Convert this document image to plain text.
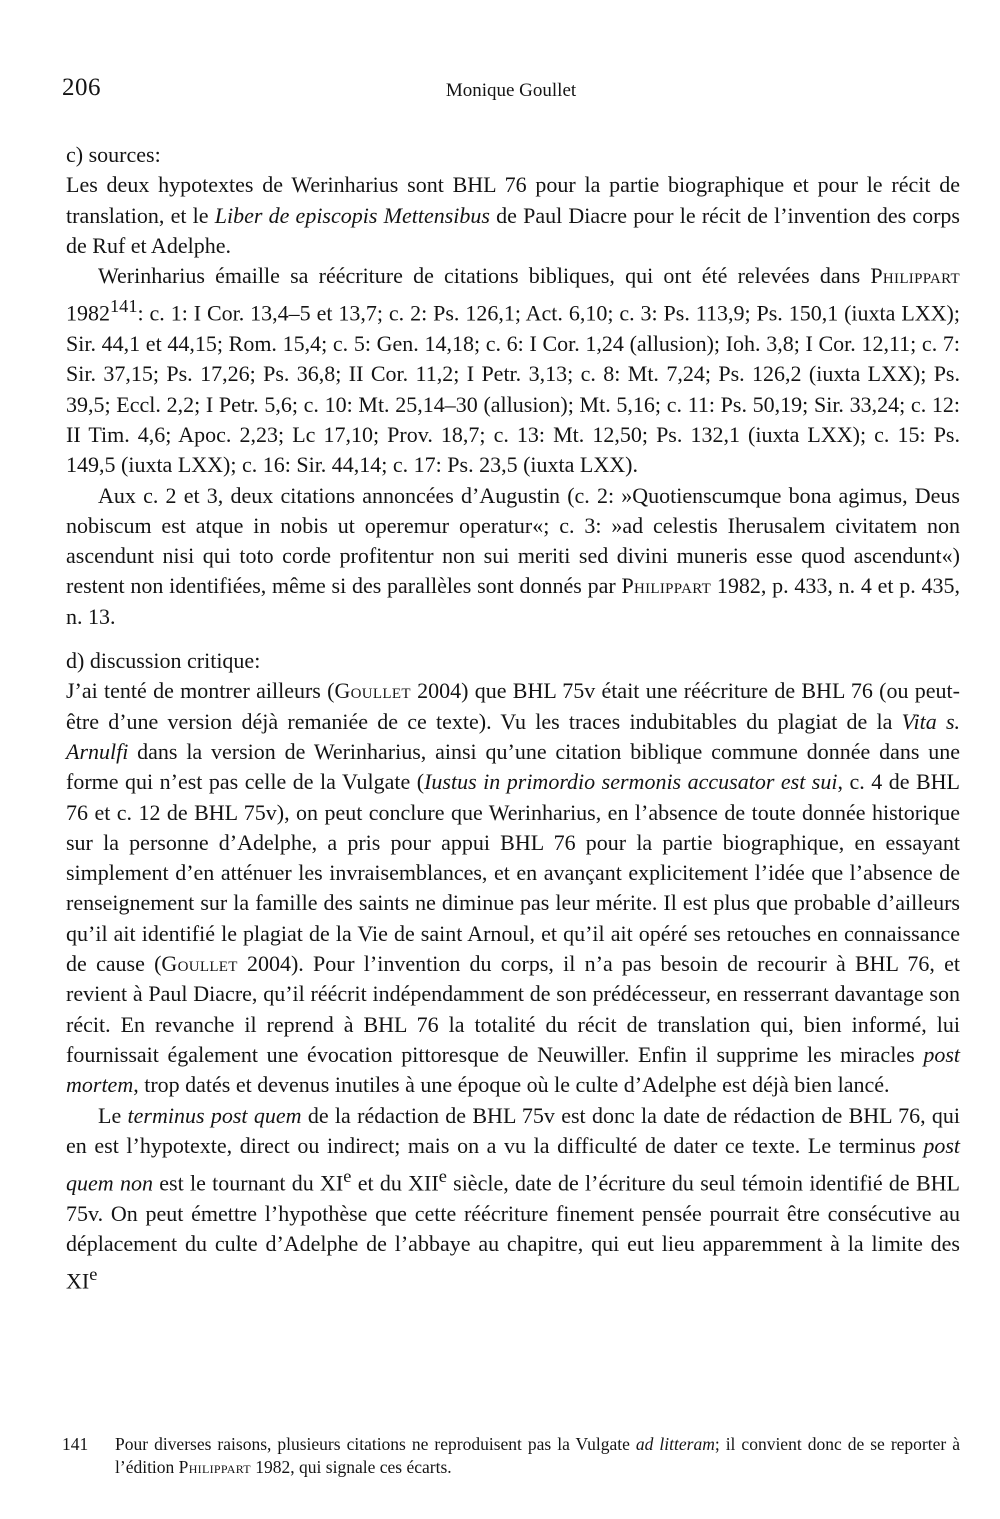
206	Monique Goullet

c) sources:

Les deux hypotextes de Werinharius sont BHL 76 pour la partie biographique et pour le récit de translation, et le Liber de episcopis Mettensibus de Paul Diacre pour le récit de l’invention des corps de Ruf et Adelphe.

Werinharius émaille sa réécriture de citations bibliques, qui ont été relevées dans Philippart 1982$^{141}$: c. 1: I Cor. 13,4–5 et 13,7; c. 2: Ps. 126,1; Act. 6,10; c. 3: Ps. 113,9; Ps. 150,1 (iuxta LXX); Sir. 44,1 et 44,15; Rom. 15,4; c. 5: Gen. 14,18; c. 6: I Cor. 1,24 (allusion); Ioh. 3,8; I Cor. 12,11; c. 7: Sir. 37,15; Ps. 17,26; Ps. 36,8; II Cor. 11,2; I Petr. 3,13; c. 8: Mt. 7,24; Ps. 126,2 (iuxta LXX); Ps. 39,5; Eccl. 2,2; I Petr. 5,6; c. 10: Mt. 25,14–30 (allusion); Mt. 5,16; c. 11: Ps. 50,19; Sir. 33,24; c. 12: II Tim. 4,6; Apoc. 2,23; Lc 17,10; Prov. 18,7; c. 13: Mt. 12,50; Ps. 132,1 (iuxta LXX); c. 15: Ps. 149,5 (iuxta LXX); c. 16: Sir. 44,14; c. 17: Ps. 23,5 (iuxta LXX).

Aux c. 2 et 3, deux citations annoncées d’Augustin (c. 2: »Quotienscumque bona agimus, Deus nobiscum est atque in nobis ut operemur operatur«; c. 3: »ad celestis Iherusalem civitatem non ascendunt nisi qui toto corde profitentur non sui meriti sed divini muneris esse quod ascendunt«) restent non identifiées, même si des parallèles sont donnés par Philippart 1982, p. 433, n. 4 et p. 435, n. 13.

d) discussion critique:

J’ai tenté de montrer ailleurs (Goullet 2004) que BHL 75v était une réécriture de BHL 76 (ou peut-être d’une version déjà remaniée de ce texte). Vu les traces indubitables du plagiat de la Vita s. Arnulfi dans la version de Werinharius, ainsi qu’une citation biblique commune donnée dans une forme qui n’est pas celle de la Vulgate (Iustus in primordio sermonis accusator est sui, c. 4 de BHL 76 et c. 12 de BHL 75v), on peut conclure que Werinharius, en l’absence de toute donnée historique sur la personne d’Adelphe, a pris pour appui BHL 76 pour la partie biographique, en essayant simplement d’en atténuer les invraisemblances, et en avançant explicitement l’idée que l’absence de renseignement sur la famille des saints ne diminue pas leur mérite. Il est plus que probable d’ailleurs qu’il ait identifié le plagiat de la Vie de saint Arnoul, et qu’il ait opéré ses retouches en connaissance de cause (Goullet 2004). Pour l’invention du corps, il n’a pas besoin de recourir à BHL 76, et revient à Paul Diacre, qu’il réécrit indépendamment de son prédécesseur, en resserrant davantage son récit. En revanche il reprend à BHL 76 la totalité du récit de translation qui, bien informé, lui fournissait également une évocation pittoresque de Neuwiller. Enfin il supprime les miracles post mortem, trop datés et devenus inutiles à une époque où le culte d’Adelphe est déjà bien lancé.

Le terminus post quem de la rédaction de BHL 75v est donc la date de rédaction de BHL 76, qui en est l’hypotexte, direct ou indirect; mais on a vu la difficulté de dater ce texte. Le terminus post quem non est le tournant du XIe et du XIIe siècle, date de l’écriture du seul témoin identifié de BHL 75v. On peut émettre l’hypothèse que cette réécriture finement pensée pourrait être consécutive au déplacement du culte d’Adelphe de l’abbaye au chapitre, qui eut lieu apparemment à la limite des XIe

141	Pour diverses raisons, plusieurs citations ne reproduisent pas la Vulgate ad litteram; il convient donc de se reporter à l’édition Philippart 1982, qui signale ces écarts.
